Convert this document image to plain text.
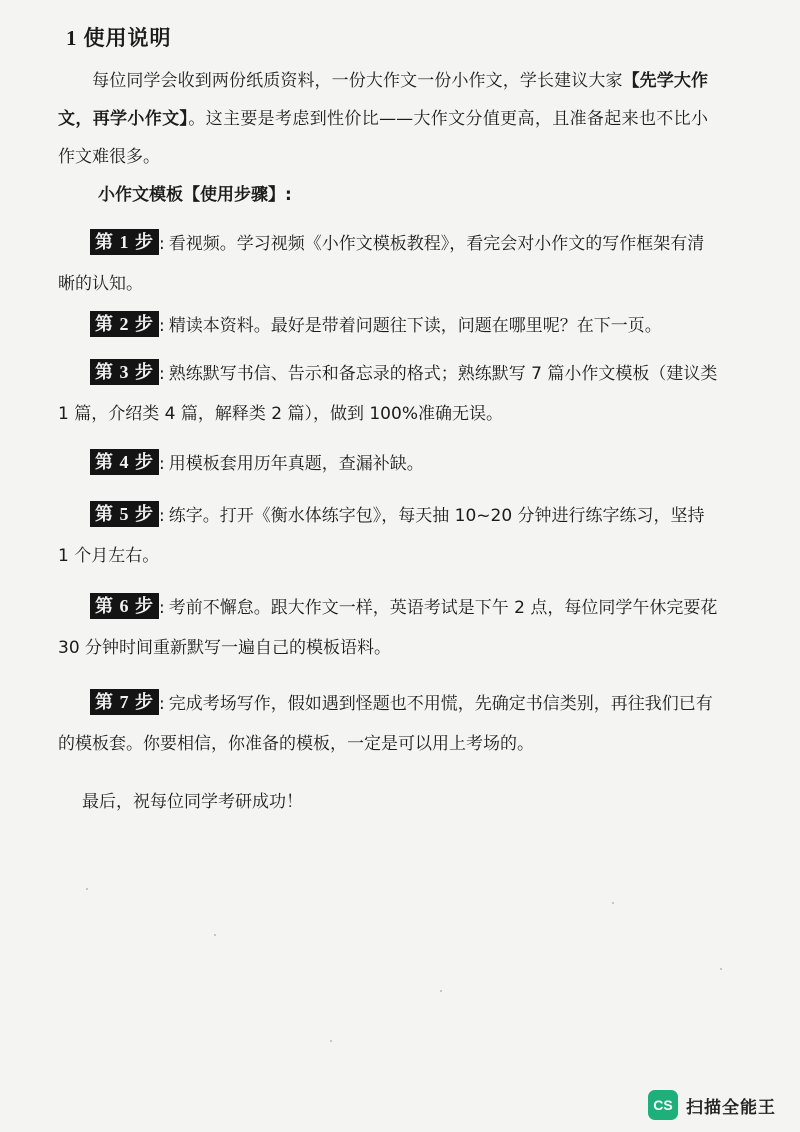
1 使用说明

每位同学会收到两份纸质资料，一份大作文一份小作文，学长建议大家【先学大作文，再学小作文】。这主要是考虑到性价比——大作文分值更高，且准备起来也不比小作文难很多。

小作文模板【使用步骤】:

第 1 步 : 看视频。学习视频《小作文模板教程》，看完会对小作文的写作框架有清晰的认知。

第 2 步 : 精读本资料。最好是带着问题往下读，问题在哪里呢？在下一页。

第 3 步 : 熟练默写书信、告示和备忘录的格式；熟练默写 7 篇小作文模板（建议类 1 篇，介绍类 4 篇，解释类 2 篇），做到 100%准确无误。

第 4 步 : 用模板套用历年真题，查漏补缺。

第 5 步 : 练字。打开《衡水体练字包》，每天抽 10~20 分钟进行练字练习，坚持 1 个月左右。

第 6 步 : 考前不懈怠。跟大作文一样，英语考试是下午 2 点，每位同学午休完要花 30 分钟时间重新默写一遍自己的模板语料。

第 7 步 : 完成考场写作，假如遇到怪题也不用慌，先确定书信类别，再往我们已有的模板套。你要相信，你准备的模板，一定是可以用上考场的。

最后，祝每位同学考研成功！

CS 扫描全能王
